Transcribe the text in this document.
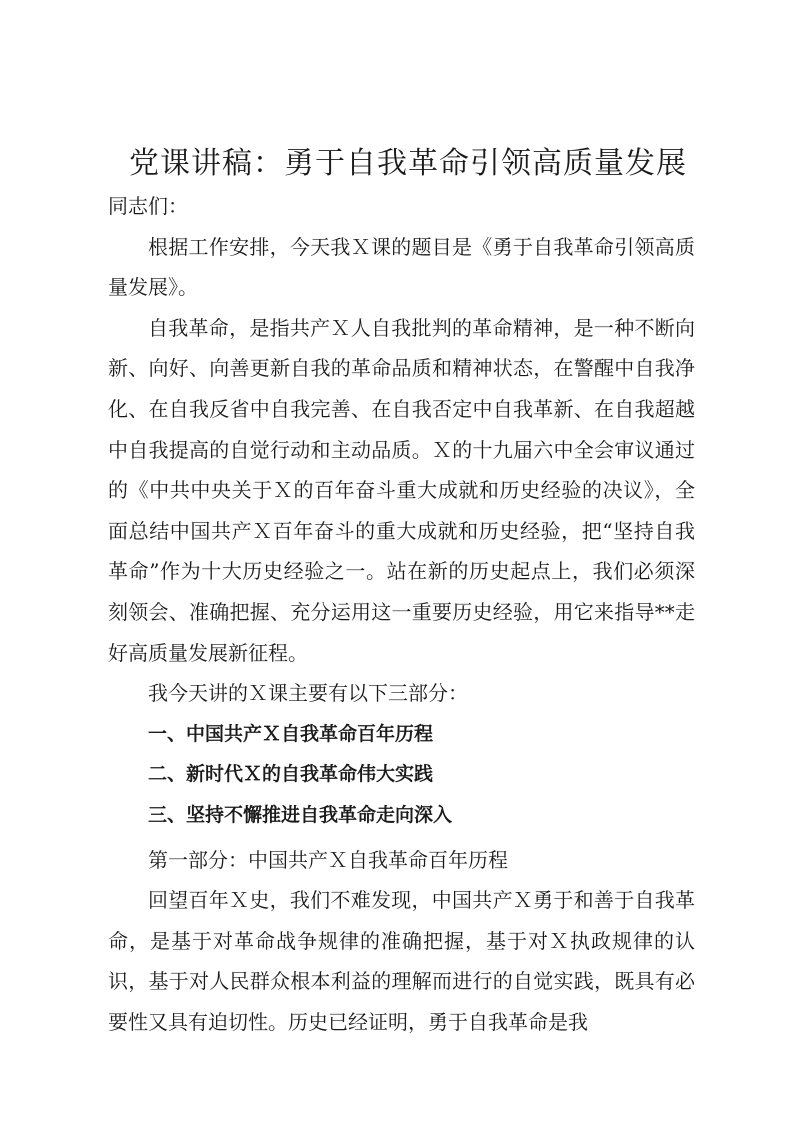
党课讲稿：勇于自我革命引领高质量发展

同志们：

根据工作安排，今天我Ｘ课的题目是《勇于自我革命引领高质量发展》。

自我革命，是指共产Ｘ人自我批判的革命精神，是一种不断向新、向好、向善更新自我的革命品质和精神状态，在警醒中自我净化、在自我反省中自我完善、在自我否定中自我革新、在自我超越中自我提高的自觉行动和主动品质。Ｘ的十九届六中全会审议通过的《中共中央关于Ｘ的百年奋斗重大成就和历史经验的决议》，全面总结中国共产Ｘ百年奋斗的重大成就和历史经验，把“坚持自我革命”作为十大历史经验之一。站在新的历史起点上，我们必须深刻领会、准确把握、充分运用这一重要历史经验，用它来指导**走好高质量发展新征程。

我今天讲的Ｘ课主要有以下三部分：

一、中国共产Ｘ自我革命百年历程

二、新时代Ｘ的自我革命伟大实践

三、坚持不懈推进自我革命走向深入

第一部分：中国共产Ｘ自我革命百年历程

回望百年Ｘ史，我们不难发现，中国共产Ｘ勇于和善于自我革命，是基于对革命战争规律的准确把握，基于对Ｘ执政规律的认识，基于对人民群众根本利益的理解而进行的自觉实践，既具有必要性又具有迫切性。历史已经证明，勇于自我革命是我
